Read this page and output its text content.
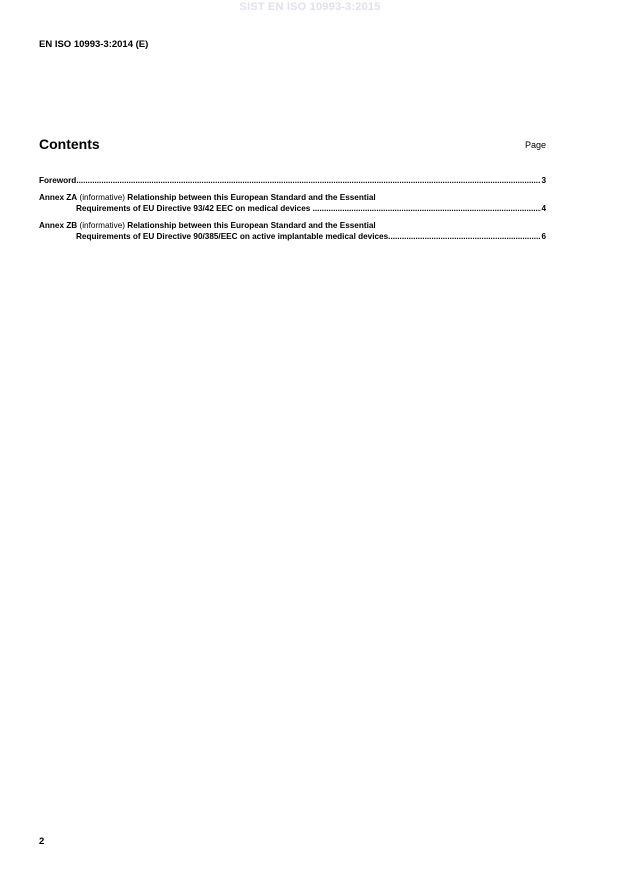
SIST EN ISO 10993-3:2015
EN ISO 10993-3:2014 (E)
Contents	Page
Foreword .....	3
Annex ZA (informative)
Relationship between this European Standard and the Essential
Requirements of EU Directive 93/42 EEC on medical devices .....	4
Annex ZB (informative)
Relationship between this European Standard and the Essential
Requirements of EU Directive 90/385/EEC on active implantable medical devices .....	6
2
